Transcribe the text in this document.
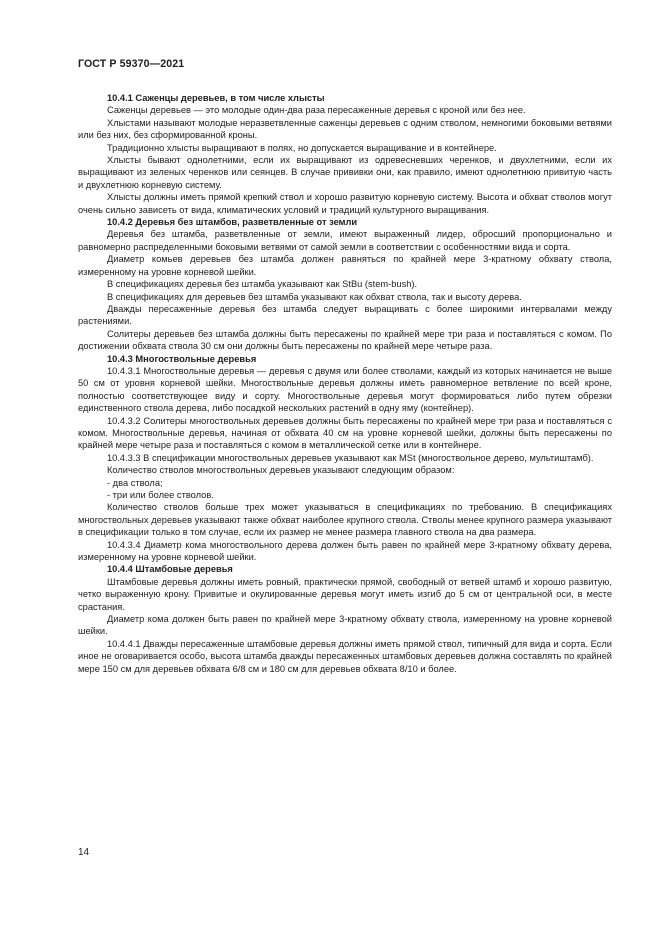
ГОСТ Р 59370—2021

10.4.1 Саженцы деревьев, в том числе хлысты

Саженцы деревьев — это молодые один-два раза пересаженные деревья с кроной или без нее.

Хлыстами называют молодые неразветвленные саженцы деревьев с одним стволом, немногими боковыми ветвями или без них, без сформированной кроны.

Традиционно хлысты выращивают в полях, но допускается выращивание и в контейнере.

Хлысты бывают однолетними, если их выращивают из одревесневших черенков, и двухлетними, если их выращивают из зеленых черенков или сеянцев. В случае прививки они, как правило, имеют однолетнюю привитую часть и двухлетнюю корневую систему.

Хлысты должны иметь прямой крепкий ствол и хорошо развитую корневую систему. Высота и обхват стволов могут очень сильно зависеть от вида, климатических условий и традиций культурного выращивания.

10.4.2 Деревья без штамбов, разветвленные от земли

Деревья без штамба, разветвленные от земли, имеют выраженный лидер, обросший пропорционально и равномерно распределенными боковыми ветвями от самой земли в соответствии с особенностями вида и сорта.

Диаметр комьев деревьев без штамба должен равняться по крайней мере 3-кратному обхвату ствола, измеренному на уровне корневой шейки.

В спецификациях деревья без штамба указывают как StBu (stem-bush).

В спецификациях для деревьев без штамба указывают как обхват ствола, так и высоту дерева.

Дважды пересаженные деревья без штамба следует выращивать с более широкими интервалами между растениями.

Солитеры деревьев без штамба должны быть пересажены по крайней мере три раза и поставляться с комом. По достижении обхвата ствола 30 см они должны быть пересажены по крайней мере четыре раза.

10.4.3 Многоствольные деревья

10.4.3.1 Многоствольные деревья — деревья с двумя или более стволами, каждый из которых начинается не выше 50 см от уровня корневой шейки. Многоствольные деревья должны иметь равномерное ветвление по всей кроне, полностью соответствующее виду и сорту. Многоствольные деревья могут формироваться либо путем обрезки единственного ствола дерева, либо посадкой нескольких растений в одну яму (контейнер).

10.4.3.2 Солитеры многоствольных деревьев должны быть пересажены по крайней мере три раза и поставляться с комом. Многоствольные деревья, начиная от обхвата 40 см на уровне корневой шейки, должны быть пересажены по крайней мере четыре раза и поставляться с комом в металлической сетке или в контейнере.

10.4.3.3 В спецификации многоствольных деревьев указывают как MSt (многоствольное дерево, мультиштамб).

Количество стволов многоствольных деревьев указывают следующим образом:

- два ствола;

- три или более стволов.

Количество стволов больше трех может указываться в спецификациях по требованию. В спецификациях многоствольных деревьев указывают также обхват наиболее крупного ствола. Стволы менее крупного размера указывают в спецификации только в том случае, если их размер не менее размера главного ствола на два размера.

10.4.3.4 Диаметр кома многоствольного дерева должен быть равен по крайней мере 3-кратному обхвату дерева, измеренному на уровне корневой шейки.

10.4.4 Штамбовые деревья

Штамбовые деревья должны иметь ровный, практически прямой, свободный от ветвей штамб и хорошо развитую, четко выраженную крону. Привитые и окулированные деревья могут иметь изгиб до 5 см от центральной оси, в месте срастания.

Диаметр кома должен быть равен по крайней мере 3-кратному обхвату ствола, измеренному на уровне корневой шейки.

10.4.4.1 Дважды пересаженные штамбовые деревья должны иметь прямой ствол, типичный для вида и сорта. Если иное не оговаривается особо, высота штамба дважды пересаженных штамбовых деревьев должна составлять по крайней мере 150 см для деревьев обхвата 6/8 см и 180 см для деревьев обхвата 8/10 и более.

14
